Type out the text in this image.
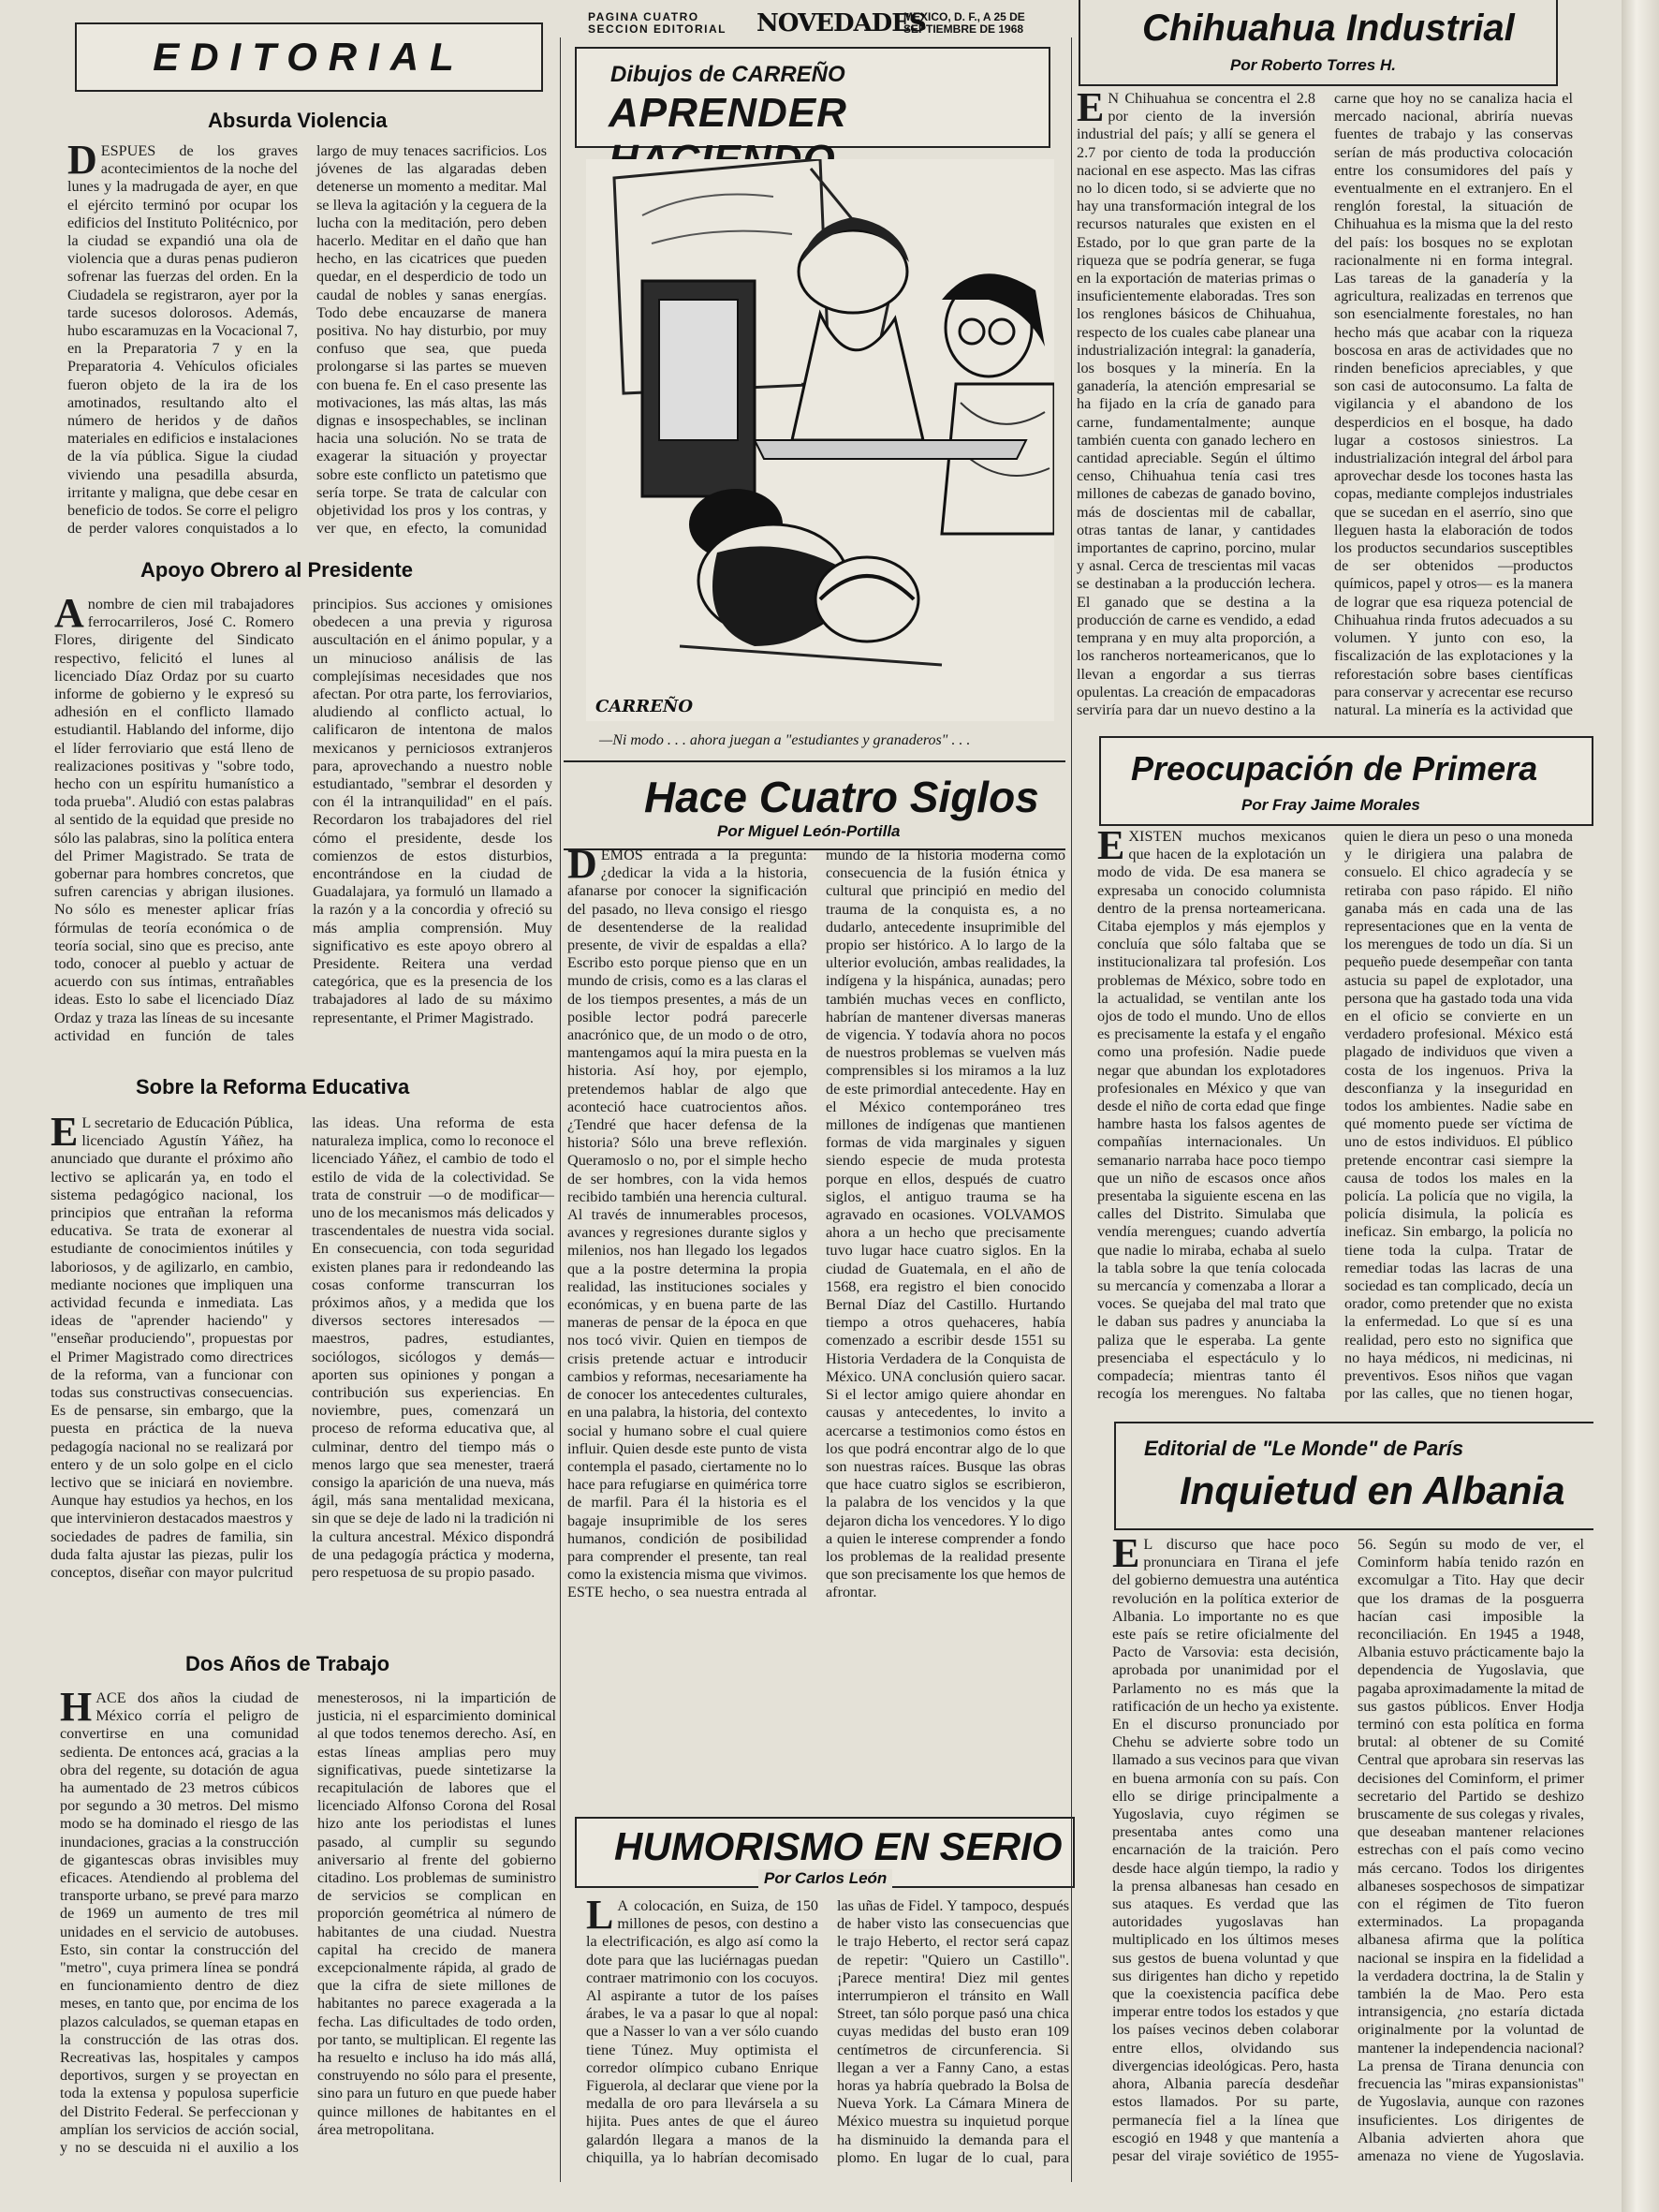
PAGINA CUATRO
SECCION EDITORIAL	NOVEDADES
MEXICO, D. F., A 25 DE
SEPTIEMBRE DE 1968
EDITORIAL
Absurda Violencia
DESPUES de los graves acontecimientos de la noche del lunes y la madrugada de ayer, en que el ejército terminó por ocupar los edificios del Instituto Politécnico, por la ciudad se expandió una ola de violencia que a duras penas pudieron sofrenar las fuerzas del orden. En la Ciudadela se registraron, ayer por la tarde sucesos dolorosos. Además, hubo escaramuzas en la Vocacional 7, en la Preparatoria 7 y en la Preparatoria 4. Vehículos oficiales fueron objeto de la ira de los amotinados, resultando alto el número de heridos y de daños materiales en edificios e instalaciones de la vía pública. Sigue la ciudad viviendo una pesadilla absurda, irritante y maligna, que debe cesar en beneficio de todos. Se corre el peligro de perder valores conquistados a lo largo de muy tenaces sacrificios. Los jóvenes de las algaradas deben detenerse un momento a meditar. Mal se lleva la agitación y la ceguera de la lucha con la meditación, pero deben hacerlo. Meditar en el daño que han hecho, en las cicatrices que pueden quedar, en el desperdicio de todo un caudal de nobles y sanas energías. Todo debe encauzarse de manera positiva. No hay disturbio, por muy confuso que sea, que pueda prolongarse si las partes se mueven con buena fe. En el caso presente las motivaciones, las más altas, las más dignas e insospechables, se inclinan hacia una solución. No se trata de exagerar la situación y proyectar sobre este conflicto un patetismo que sería torpe. Se trata de calcular con objetividad los pros y los contras, y ver que, en efecto, la comunidad
Apoyo Obrero al Presidente
Anombre de cien mil trabajadores ferrocarrileros, José C. Romero Flores, dirigente del Sindicato respectivo, felicitó el lunes al licenciado Díaz Ordaz por su cuarto informe de gobierno y le expresó su adhesión en el conflicto llamado estudiantil. Hablando del informe, dijo el líder ferroviario que está lleno de realizaciones positivas y "sobre todo, hecho con un espíritu humanístico a toda prueba". Aludió con estas palabras al sentido de la equidad que preside no sólo las palabras, sino la política entera del Primer Magistrado. Se trata de gobernar para hombres concretos, que sufren carencias y abrigan ilusiones. No sólo es menester aplicar frías fórmulas de teoría económica o de teoría social, sino que es preciso, ante todo, conocer al pueblo y actuar de acuerdo con sus íntimas, entrañables ideas. Esto lo sabe el licenciado Díaz Ordaz y traza las líneas de su incesante actividad en función de tales principios. Sus acciones y omisiones obedecen a una previa y rigurosa auscultación en el ánimo popular, y a un minucioso análisis de las complejísimas necesidades que nos afectan. Por otra parte, los ferroviarios, aludiendo al conflicto actual, lo calificaron de intentona de malos mexicanos y perniciosos extranjeros para, aprovechando a nuestro noble estudiantado, "sembrar el desorden y con él la intranquilidad" en el país. Recordaron los trabajadores del riel cómo el presidente, desde los comienzos de estos disturbios, encontrándose en la ciudad de Guadalajara, ya formuló un llamado a la razón y a la concordia y ofreció su más amplia comprensión. Muy significativo es este apoyo obrero al Presidente. Reitera una verdad categórica, que es la presencia de los trabajadores al lado de su máximo representante, el Primer Magistrado.
Sobre la Reforma Educativa
EL secretario de Educación Pública, licenciado Agustín Yáñez, ha anunciado que durante el próximo año lectivo se aplicarán ya, en todo el sistema pedagógico nacional, los principios que entrañan la reforma educativa. Se trata de exonerar al estudiante de conocimientos inútiles y laboriosos, y de agilizarlo, en cambio, mediante nociones que impliquen una actividad fecunda e inmediata. Las ideas de "aprender haciendo" y "enseñar produciendo", propuestas por el Primer Magistrado como directrices de la reforma, van a funcionar con todas sus constructivas consecuencias. Es de pensarse, sin embargo, que la puesta en práctica de la nueva pedagogía nacional no se realizará por entero y de un solo golpe en el ciclo lectivo que se iniciará en noviembre. Aunque hay estudios ya hechos, en los que intervinieron destacados maestros y sociedades de padres de familia, sin duda falta ajustar las piezas, pulir los conceptos, diseñar con mayor pulcritud las ideas. Una reforma de esta naturaleza implica, como lo reconoce el licenciado Yáñez, el cambio de todo el estilo de vida de la colectividad. Se trata de construir —o de modificar— uno de los mecanismos más delicados y trascendentales de nuestra vida social. En consecuencia, con toda seguridad existen planes para ir redondeando las cosas conforme transcurran los próximos años, y a medida que los diversos sectores interesados —maestros, padres, estudiantes, sociólogos, sicólogos y demás— aporten sus opiniones y pongan a contribución sus experiencias. En noviembre, pues, comenzará un proceso de reforma educativa que, al culminar, dentro del tiempo más o menos largo que sea menester, traerá consigo la aparición de una nueva, más ágil, más sana mentalidad mexicana, sin que se deje de lado ni la tradición ni la cultura ancestral. México dispondrá de una pedagogía práctica y moderna, pero respetuosa de su propio pasado.
Dos Años de Trabajo
HACE dos años la ciudad de México corría el peligro de convertirse en una comunidad sedienta. De entonces acá, gracias a la obra del regente, su dotación de agua ha aumentado de 23 metros cúbicos por segundo a 30 metros. Del mismo modo se ha dominado el riesgo de las inundaciones, gracias a la construcción de gigantescas obras invisibles muy eficaces. Atendiendo al problema del transporte urbano, se prevé para marzo de 1969 un aumento de tres mil unidades en el servicio de autobuses. Esto, sin contar la construcción del "metro", cuya primera línea se pondrá en funcionamiento dentro de diez meses, en tanto que, por encima de los plazos calculados, se queman etapas en la construcción de las otras dos. Recreativas las, hospitales y campos deportivos, surgen y se proyectan en toda la extensa y populosa superficie del Distrito Federal. Se perfeccionan y amplían los servicios de acción social, y no se descuida ni el auxilio a los menesterosos, ni la impartición de justicia, ni el esparcimiento dominical al que todos tenemos derecho. Así, en estas líneas amplias pero muy significativas, puede sintetizarse la recapitulación de labores que el licenciado Alfonso Corona del Rosal hizo ante los periodistas el lunes pasado, al cumplir su segundo aniversario al frente del gobierno citadino. Los problemas de suministro de servicios se complican en proporción geométrica al número de habitantes de una ciudad. Nuestra capital ha crecido de manera excepcionalmente rápida, al grado de que la cifra de siete millones de habitantes no parece exagerada a la fecha. Las dificultades de todo orden, por tanto, se multiplican. El regente las ha resuelto e incluso ha ido más allá, construyendo no sólo para el presente, sino para un futuro en que puede haber quince millones de habitantes en el área metropolitana.
Dibujos de CARREÑO
APRENDER
CARREÑO
—Ni modo . . . ahora juegan a "estudiantes y granaderos" . . .
Hace Cuatro Siglos
Por Miguel León-Portilla
DEMOS entrada a la pregunta: ¿dedicar la vida a la historia, afanarse por conocer la significación del pasado, no lleva consigo el riesgo de desentenderse de la realidad presente, de vivir de espaldas a ella? Escribo esto porque pienso que en un mundo de crisis, como es a las claras el de los tiempos presentes, a más de un posible lector podrá parecerle anacrónico que, de un modo o de otro, mantengamos aquí la mira puesta en la historia. Así hoy, por ejemplo, pretendemos hablar de algo que aconteció hace cuatrocientos años. ¿Tendré que hacer defensa de la historia? Sólo una breve reflexión. Queramoslo o no, por el simple hecho de ser hombres, con la vida hemos recibido también una herencia cultural. Al través de innumerables procesos, avances y regresiones durante siglos y milenios, nos han llegado los legados que a la postre determina la propia realidad, las instituciones sociales y económicas, y en buena parte de las maneras de pensar de la época en que nos tocó vivir. Quien en tiempos de crisis pretende actuar e introducir cambios y reformas, necesariamente ha de conocer los antecedentes culturales, en una palabra, la historia, del contexto social y humano sobre el cual quiere influir. Quien desde este punto de vista contempla el pasado, ciertamente no lo hace para refugiarse en quimérica torre de marfil. Para él la historia es el bagaje insuprimible de los seres humanos, condición de posibilidad para comprender el presente, tan real como la existencia misma que vivimos. ESTE hecho, o sea nuestra entrada al mundo de la historia moderna como consecuencia de la fusión étnica y cultural que principió en medio del trauma de la conquista es, a no dudarlo, antecedente insuprimible del propio ser histórico. A lo largo de la ulterior evolución, ambas realidades, la indígena y la hispánica, aunadas; pero también muchas veces en conflicto, habrían de mantener diversas maneras de vigencia. Y todavía ahora no pocos de nuestros problemas se vuelven más comprensibles si los miramos a la luz de este primordial antecedente. Hay en el México contemporáneo tres millones de indígenas que mantienen formas de vida marginales y siguen siendo especie de muda protesta porque en ellos, después de cuatro siglos, el antiguo trauma se ha agravado en ocasiones. VOLVAMOS ahora a un hecho que precisamente tuvo lugar hace cuatro siglos. En la ciudad de Guatemala, en el año de 1568, era registro el bien conocido Bernal Díaz del Castillo. Hurtando tiempo a otros quehaceres, había comenzado a escribir desde 1551 su Historia Verdadera de la Conquista de México. UNA conclusión quiero sacar. Si el lector amigo quiere ahondar en causas y antecedentes, lo invito a acercarse a testimonios como éstos en los que podrá encontrar algo de lo que son nuestras raíces. Busque las obras que hace cuatro siglos se escribieron, la palabra de los vencidos y la que dejaron dicha los vencedores. Y lo digo a quien le interese comprender a fondo los problemas de la realidad presente que son precisamente los que hemos de afrontar.
HUMORISMO EN SERIO
Por Carlos León
LA colocación, en Suiza, de 150 millones de pesos, con destino a la electrificación, es algo así como la dote para que las luciérnagas puedan contraer matrimonio con los cocuyos. Al aspirante a tutor de los países árabes, le va a pasar lo que al nopal: que a Nasser lo van a ver sólo cuando tiene Túnez. Muy optimista el corredor olímpico cubano Enrique Figuerola, al declarar que viene por la medalla de oro para llevársela a su hijita. Pues antes de que el áureo galardón llegara a manos de la chiquilla, ya lo habrían decomisado las uñas de Fidel. Y tampoco, después de haber visto las consecuencias que le trajo Heberto, el rector será capaz de repetir: "Quiero un Castillo". ¡Parece mentira! Diez mil gentes interrumpieron el tránsito en Wall Street, tan sólo porque pasó una chica cuyas medidas del busto eran 109 centímetros de circunferencia. Si llegan a ver a Fanny Cano, a estas horas ya habría quebrado la Bolsa de Nueva York. La Cámara Minera de México muestra su inquietud porque ha disminuido la demanda para el plomo. En lugar de lo cual, para
Chihuahua Industrial
Por Roberto Torres H.
EN Chihuahua se concentra el 2.8 por ciento de la inversión industrial del país; y allí se genera el 2.7 por ciento de toda la producción nacional en ese aspecto. Mas las cifras no lo dicen todo, si se advierte que no hay una transformación integral de los recursos naturales que existen en el Estado, por lo que gran parte de la riqueza que se podría generar, se fuga en la exportación de materias primas o insuficientemente elaboradas. Tres son los renglones básicos de Chihuahua, respecto de los cuales cabe planear una industrialización integral: la ganadería, los bosques y la minería. En la ganadería, la atención empresarial se ha fijado en la cría de ganado para carne, fundamentalmente; aunque también cuenta con ganado lechero en cantidad apreciable. Según el último censo, Chihuahua tenía casi tres millones de cabezas de ganado bovino, más de doscientas mil de caballar, otras tantas de lanar, y cantidades importantes de caprino, porcino, mular y asnal. Cerca de trescientas mil vacas se destinaban a la producción lechera. El ganado que se destina a la producción de carne es vendido, a edad temprana y en muy alta proporción, a los rancheros norteamericanos, que lo llevan a engordar a sus tierras opulentas. La creación de empacadoras serviría para dar un nuevo destino a la carne que hoy no se canaliza hacia el mercado nacional, abriría nuevas fuentes de trabajo y las conservas serían de más productiva colocación entre los consumidores del país y eventualmente en el extranjero. En el renglón forestal, la situación de Chihuahua es la misma que la del resto del país: los bosques no se explotan racionalmente ni en forma integral. Las tareas de la ganadería y la agricultura, realizadas en terrenos que son esencialmente forestales, no han hecho más que acabar con la riqueza boscosa en aras de actividades que no rinden beneficios apreciables, y que son casi de autoconsumo. La falta de vigilancia y el abandono de los desperdicios en el bosque, ha dado lugar a costosos siniestros. La industrialización integral del árbol para aprovechar desde los tocones hasta las copas, mediante complejos industriales que se sucedan en el aserrío, sino que lleguen hasta la elaboración de todos los productos secundarios susceptibles de ser obtenidos —productos químicos, papel y otros— es la manera de lograr que esa riqueza potencial de Chihuahua rinda frutos adecuados a su volumen. Y junto con eso, la fiscalización de las explotaciones y la reforestación sobre bases científicas para conservar y acrecentar ese recurso natural. La minería es la actividad que
Preocupación de Primera
Por Fray Jaime Morales
EXISTEN muchos mexicanos que hacen de la explotación un modo de vida. De esa manera se expresaba un conocido columnista dentro de la prensa norteamericana. Citaba ejemplos y más ejemplos y concluía que sólo faltaba que se institucionalizara tal profesión. Los problemas de México, sobre todo en la actualidad, se ventilan ante los ojos de todo el mundo. Uno de ellos es precisamente la estafa y el engaño como una profesión. Nadie puede negar que abundan los explotadores profesionales en México y que van desde el niño de corta edad que finge hambre hasta los falsos agentes de compañías internacionales. Un semanario narraba hace poco tiempo que un niño de escasos once años presentaba la siguiente escena en las calles del Distrito. Simulaba que vendía merengues; cuando advertía que nadie lo miraba, echaba al suelo la tabla sobre la que tenía colocada su mercancía y comenzaba a llorar a voces. Se quejaba del mal trato que le daban sus padres y anunciaba la paliza que le esperaba. La gente presenciaba el espectáculo y lo compadecía; mientras tanto él recogía los merengues. No faltaba quien le diera un peso o una moneda y le dirigiera una palabra de consuelo. El chico agradecía y se retiraba con paso rápido. El niño ganaba más en cada una de las representaciones que en la venta de los merengues de todo un día. Si un pequeño puede desempeñar con tanta astucia su papel de explotador, una persona que ha gastado toda una vida en el oficio se convierte en un verdadero profesional. México está plagado de individuos que viven a costa de los ingenuos. Priva la desconfianza y la inseguridad en todos los ambientes. Nadie sabe en qué momento puede ser víctima de uno de estos individuos. El público pretende encontrar casi siempre la causa de todos los males en la policía. La policía que no vigila, la policía disimula, la policía es ineficaz. Sin embargo, la policía no tiene toda la culpa. Tratar de remediar todas las lacras de una sociedad es tan complicado, decía un orador, como pretender que no exista la enfermedad. Lo que sí es una realidad, pero esto no significa que no haya médicos, ni medicinas, ni preventivos. Esos niños que vagan por las calles, que no tienen hogar,
Editorial de "Le Monde" de París
Inquietud en Albania
EL discurso que hace poco pronunciara en Tirana el jefe del gobierno demuestra una auténtica revolución en la política exterior de Albania. Lo importante no es que este país se retire oficialmente del Pacto de Varsovia: esta decisión, aprobada por unanimidad por el Parlamento no es más que la ratificación de un hecho ya existente. En el discurso pronunciado por Chehu se advierte sobre todo un llamado a sus vecinos para que vivan en buena armonía con su país. Con ello se dirige principalmente a Yugoslavia, cuyo régimen se presentaba antes como una encarnación de la traición. Pero desde hace algún tiempo, la radio y la prensa albanesas han cesado en sus ataques. Es verdad que las autoridades yugoslavas han multiplicado en los últimos meses sus gestos de buena voluntad y que sus dirigentes han dicho y repetido que la coexistencia pacífica debe imperar entre todos los estados y que los países vecinos deben colaborar entre ellos, olvidando sus divergencias ideológicas. Pero, hasta ahora, Albania parecía desdeñar estos llamados. Por su parte, permanecía fiel a la línea que escogió en 1948 y que mantenía a pesar del viraje soviético de 1955-56. Según su modo de ver, el Cominform había tenido razón en excomulgar a Tito. Hay que decir que los dramas de la posguerra hacían casi imposible la reconciliación. En 1945 a 1948, Albania estuvo prácticamente bajo la dependencia de Yugoslavia, que pagaba aproximadamente la mitad de sus gastos públicos. Enver Hodja terminó con esta política en forma brutal: al obtener de su Comité Central que aprobara sin reservas las decisiones del Cominform, el primer secretario del Partido se deshizo bruscamente de sus colegas y rivales, que deseaban mantener relaciones estrechas con el país como vecino más cercano. Todos los dirigentes albaneses sospechosos de simpatizar con el régimen de Tito fueron exterminados. La propaganda albanesa afirma que la política nacional se inspira en la fidelidad a la verdadera doctrina, la de Stalin y también la de Mao. Pero esta intransigencia, ¿no estaría dictada originalmente por la voluntad de mantener la independencia nacional? La prensa de Tirana denuncia con frecuencia las "miras expansionistas" de Yugoslavia, aunque con razones insuficientes. Los dirigentes de Albania advierten ahora que amenaza no viene de Yugoslavia.
